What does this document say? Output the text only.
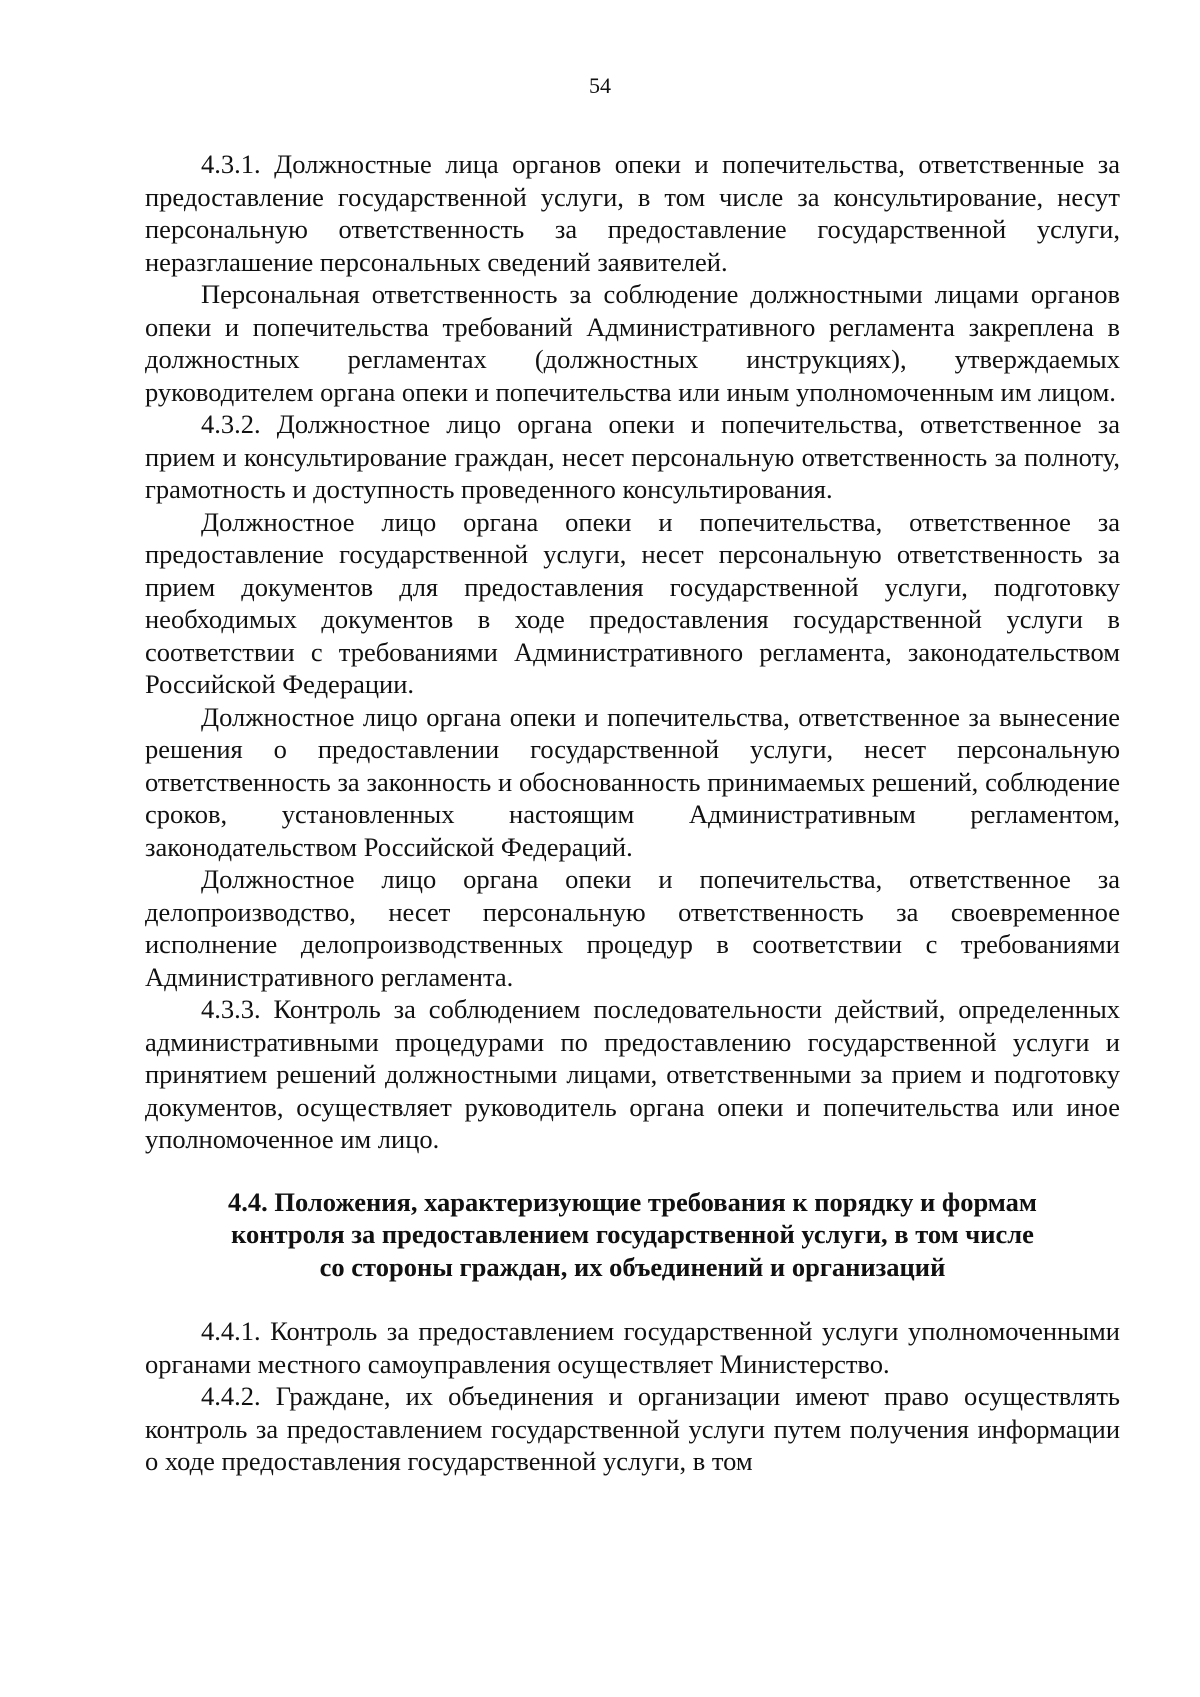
54

4.3.1. Должностные лица органов опеки и попечительства, ответственные за предоставление государственной услуги, в том числе за консультирование, несут персональную ответственность за предоставление государственной услуги, неразглашение персональных сведений заявителей.

Персональная ответственность за соблюдение должностными лицами органов опеки и попечительства требований Административного регламента закреплена в должностных регламентах (должностных инструкциях), утверждаемых руководителем органа опеки и попечительства или иным уполномоченным им лицом.

4.3.2. Должностное лицо органа опеки и попечительства, ответственное за прием и консультирование граждан, несет персональную ответственность за полноту, грамотность и доступность проведенного консультирования.

Должностное лицо органа опеки и попечительства, ответственное за предоставление государственной услуги, несет персональную ответственность за прием документов для предоставления государственной услуги, подготовку необходимых документов в ходе предоставления государственной услуги в соответствии с требованиями Административного регламента, законодательством Российской Федерации.

Должностное лицо органа опеки и попечительства, ответственное за вынесение решения о предоставлении государственной услуги, несет персональную ответственность за законность и обоснованность принимаемых решений, соблюдение сроков, установленных настоящим Административным регламентом, законодательством Российской Федераций.

Должностное лицо органа опеки и попечительства, ответственное за делопроизводство, несет персональную ответственность за своевременное исполнение делопроизводственных процедур в соответствии с требованиями Административного регламента.

4.3.3. Контроль за соблюдением последовательности действий, определенных административными процедурами по предоставлению государственной услуги и принятием решений должностными лицами, ответственными за прием и подготовку документов, осуществляет руководитель органа опеки и попечительства или иное уполномоченное им лицо.

4.4. Положения, характеризующие требования к порядку и формам
контроля за предоставлением государственной услуги, в том числе
со стороны граждан, их объединений и организаций

4.4.1. Контроль за предоставлением государственной услуги уполномоченными органами местного самоуправления осуществляет Министерство.

4.4.2. Граждане, их объединения и организации имеют право осуществлять контроль за предоставлением государственной услуги путем получения информации о ходе предоставления государственной услуги, в том
